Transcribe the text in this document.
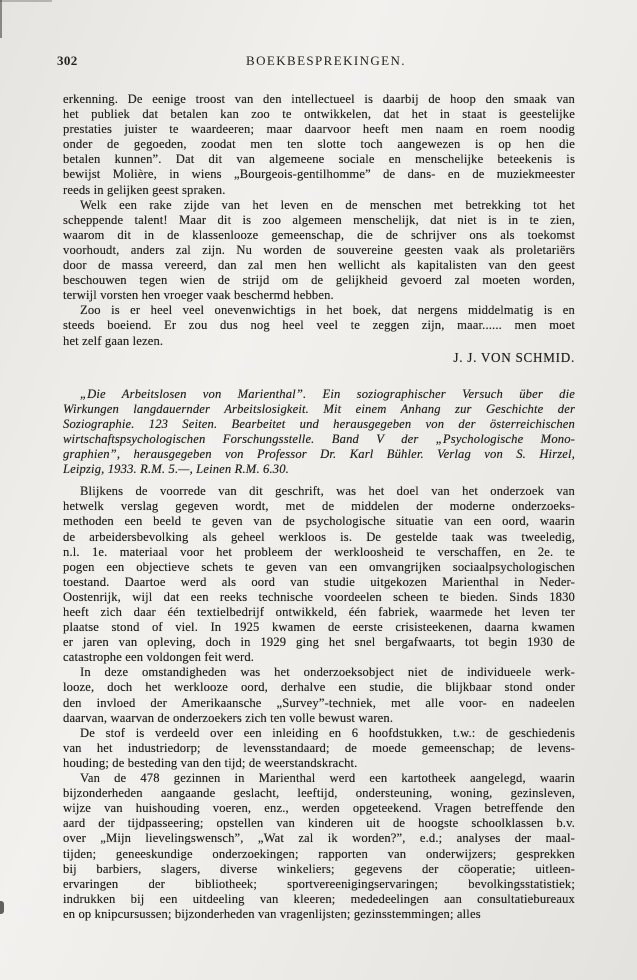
302	BOEKBESPREKINGEN.
erkenning. De eenige troost van den intellectueel is daarbij de hoop den smaak van
het publiek dat betalen kan zoo te ontwikkelen, dat het in staat is geestelijke
prestaties juister te waardeeren; maar daarvoor heeft men naam en roem noodig
onder de gegoeden, zoodat men ten slotte toch aangewezen is op hen die
betalen kunnen”. Dat dit van algemeene sociale en menschelijke beteekenis is
bewijst Molière, in wiens „Bourgeois-gentilhomme” de dans- en de muziekmeester
reeds in gelijken geest spraken.
Welk een rake zijde van het leven en de menschen met betrekking tot het
scheppende talent! Maar dit is zoo algemeen menschelijk, dat niet is in te zien,
waarom dit in de klassenlooze gemeenschap, die de schrijver ons als toekomst
voorhoudt, anders zal zijn. Nu worden de souvereine geesten vaak als proletariërs
door de massa vereerd, dan zal men hen wellicht als kapitalisten van den geest
beschouwen tegen wien de strijd om de gelijkheid gevoerd zal moeten worden,
terwijl vorsten hen vroeger vaak beschermd hebben.
Zoo is er heel veel onevenwichtigs in het boek, dat nergens middelmatig is en
steeds boeiend. Er zou dus nog heel veel te zeggen zijn, maar...... men moet
het zelf gaan lezen.
J. J. VON SCHMID.
„Die Arbeitslosen von Marienthal”. Ein soziographischer Versuch über die
Wirkungen langdauernder Arbeitslosigkeit. Mit einem Anhang zur Geschichte der
Soziographie. 123 Seiten. Bearbeitet und herausgegeben von der österreichischen
wirtschaftspsychologischen Forschungsstelle. Band V der „Psychologische Mono-
graphien”, herausgegeben von Professor Dr. Karl Bühler. Verlag von S. Hirzel,
Leipzig, 1933. R.M. 5.—, Leinen R.M. 6.30.
Blijkens de voorrede van dit geschrift, was het doel van het onderzoek van
hetwelk verslag gegeven wordt, met de middelen der moderne onderzoeks-
methoden een beeld te geven van de psychologische situatie van een oord, waarin
de arbeidersbevolking als geheel werkloos is. De gestelde taak was tweeledig,
n.l. 1e. materiaal voor het probleem der werkloosheid te verschaffen, en 2e. te
pogen een objectieve schets te geven van een omvangrijken sociaalpsychologischen
toestand. Daartoe werd als oord van studie uitgekozen Marienthal in Neder-
Oostenrijk, wijl dat een reeks technische voordeelen scheen te bieden. Sinds 1830
heeft zich daar één textielbedrijf ontwikkeld, één fabriek, waarmede het leven ter
plaatse stond of viel. In 1925 kwamen de eerste crisisteekenen, daarna kwamen
er jaren van opleving, doch in 1929 ging het snel bergafwaarts, tot begin 1930 de
catastrophe een voldongen feit werd.
In deze omstandigheden was het onderzoeksobject niet de individueele werk-
looze, doch het werklooze oord, derhalve een studie, die blijkbaar stond onder
den invloed der Amerikaansche „Survey”-techniek, met alle voor- en nadeelen
daarvan, waarvan de onderzoekers zich ten volle bewust waren.
De stof is verdeeld over een inleiding en 6 hoofdstukken, t.w.: de geschiedenis
van het industriedorp; de levensstandaard; de moede gemeenschap; de levens-
houding; de besteding van den tijd; de weerstandskracht.
Van de 478 gezinnen in Marienthal werd een kartotheek aangelegd, waarin
bijzonderheden aangaande geslacht, leeftijd, ondersteuning, woning, gezinsleven,
wijze van huishouding voeren, enz., werden opgeteekend. Vragen betreffende den
aard der tijdpasseering; opstellen van kinderen uit de hoogste schoolklassen b.v.
over „Mijn lievelingswensch”, „Wat zal ik worden?”, e.d.; analyses der maal-
tijden; geneeskundige onderzoekingen; rapporten van onderwijzers; gesprekken
bij barbiers, slagers, diverse winkeliers; gegevens der cöoperatie; uitleen-
ervaringen der bibliotheek; sportvereenigingservaringen; bevolkingsstatistiek;
indrukken bij een uitdeeling van kleeren; mededeelingen aan consultatiebureaux
en op knipcursussen; bijzonderheden van vragenlijsten; gezinsstemmingen; alles
